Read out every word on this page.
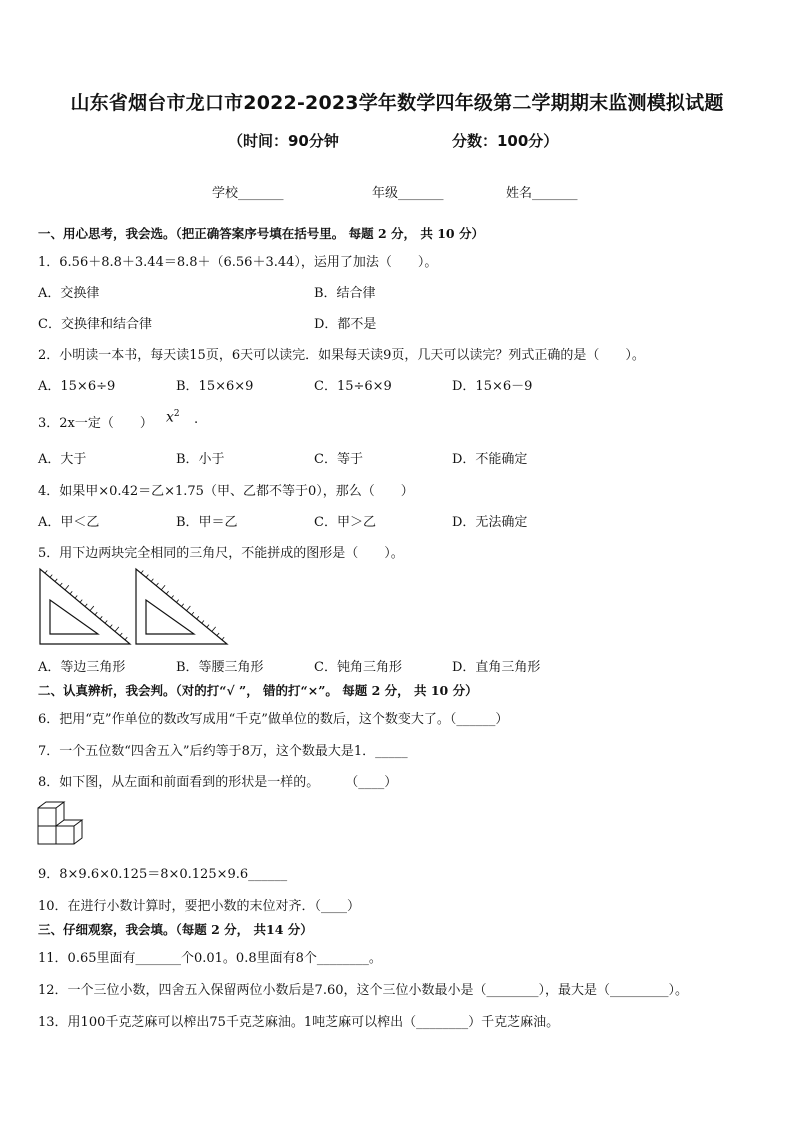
山东省烟台市龙口市2022-2023学年数学四年级第二学期期末监测模拟试题
（时间：90分钟	分数：100分）
学校_______	年级_______	姓名_______
一、用心思考，我会选。（把正确答案序号填在括号里。 每题 2 分， 共 10 分）
1．6.56＋8.8＋3.44＝8.8＋（6.56＋3.44），运用了加法（　　）。
A．交换律	B．结合律
C．交换律和结合律	D．都不是
2．小明读一本书，每天读15页，6天可以读完．如果每天读9页，几天可以读完？列式正确的是（　　）。
A．15×6÷9	B．15×6×9	C．15÷6×9	D．15×6－9
3．2x一定（　　） $x^2$ .
A．大于	B．小于	C．等于	D．不能确定
4．如果甲×0.42＝乙×1.75（甲、乙都不等于0），那么（　　）
A．甲＜乙	B．甲＝乙	C．甲＞乙	D．无法确定
5．用下边两块完全相同的三角尺，不能拼成的图形是（　　）。
A．等边三角形	B．等腰三角形	C．钝角三角形	D．直角三角形
二、认真辨析，我会判。（对的打“√ ”， 错的打“×”。 每题 2 分， 共 10 分）
6．把用“克”作单位的数改写成用“千克”做单位的数后，这个数变大了。（______）
7．一个五位数“四舍五入”后约等于8万，这个数最大是1．_____
8．如下图，从左面和前面看到的形状是一样的。　　　（____）
9．8×9.6×0.125＝8×0.125×9.6______
10．在进行小数计算时，要把小数的末位对齐．（____）
三、仔细观察，我会填。（每题 2 分， 共14 分）
11．0.65里面有_______个0.01。0.8里面有8个________。
12．一个三位小数，四舍五入保留两位小数后是7.60，这个三位小数最小是（________），最大是（_________）。
13．用100千克芝麻可以榨出75千克芝麻油。1吨芝麻可以榨出（________）千克芝麻油。
